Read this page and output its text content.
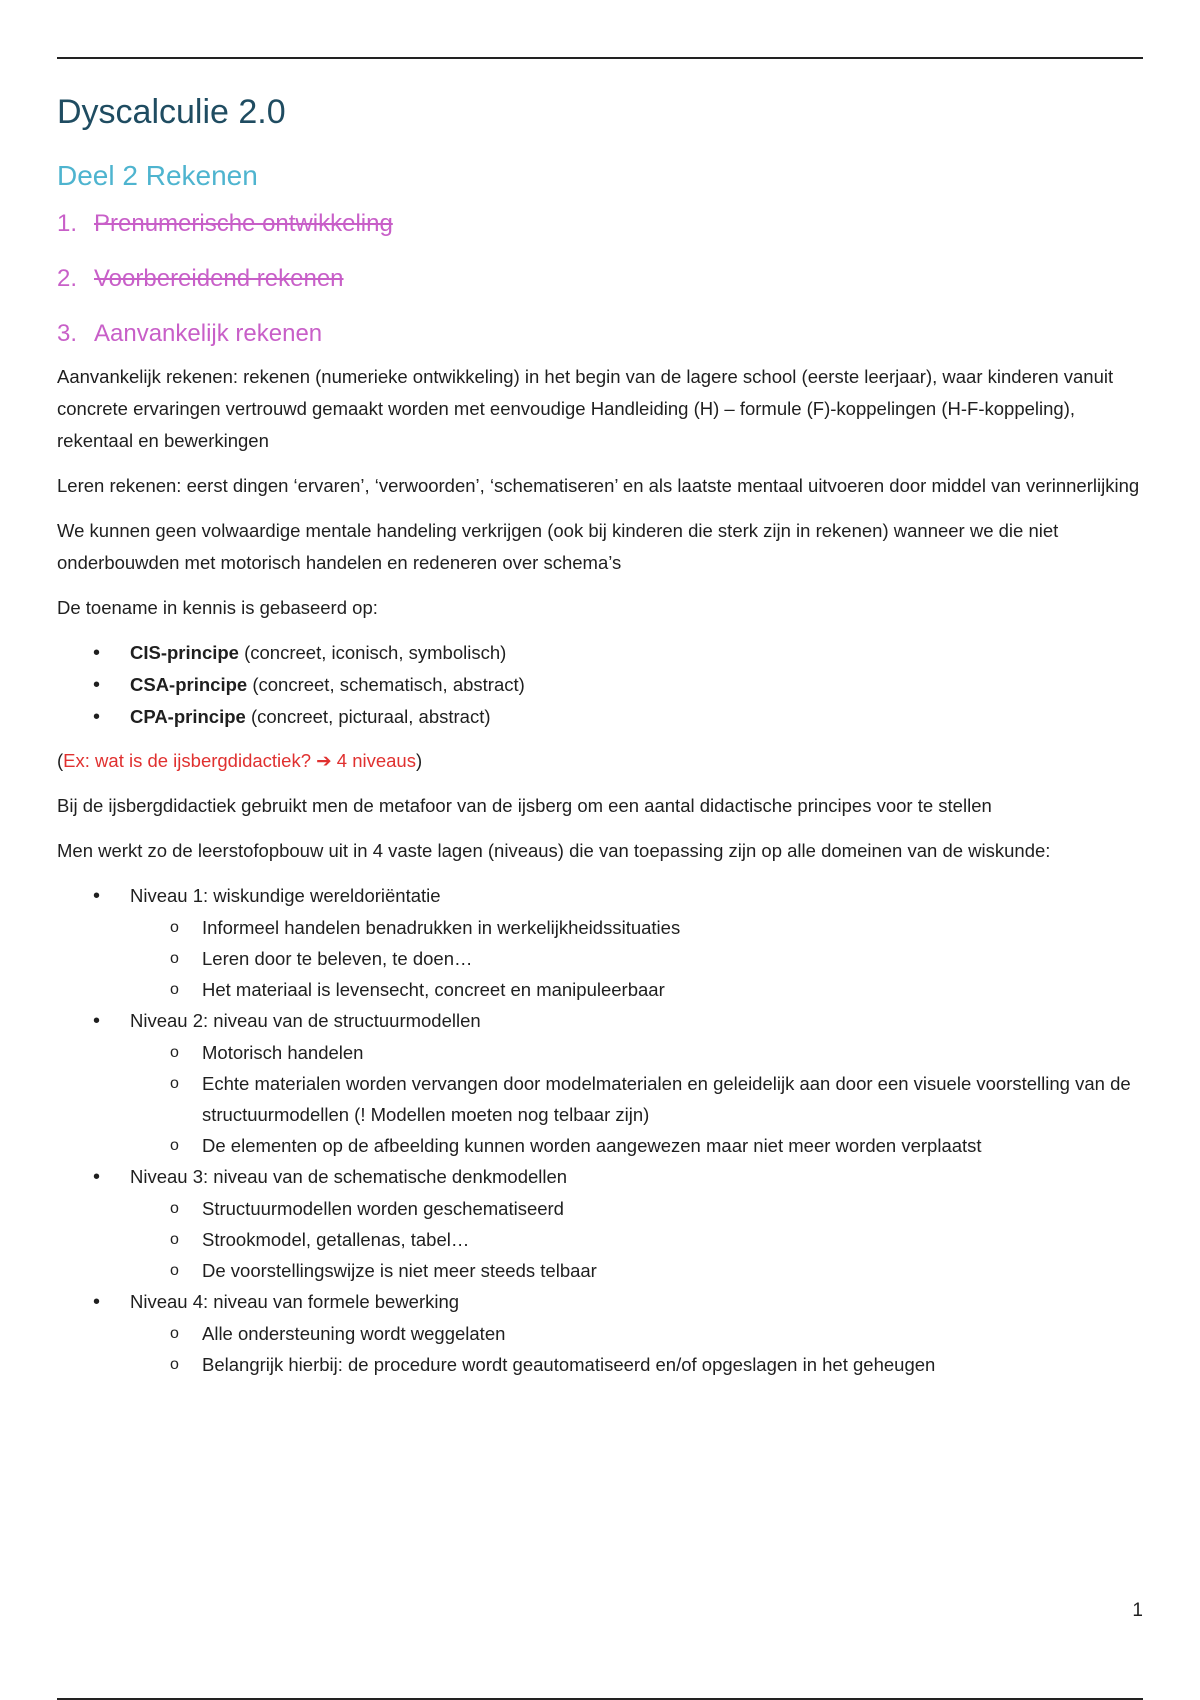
Dyscalculie 2.0
Deel 2 Rekenen
1. Prenumerische ontwikkeling
2. Voorbereidend rekenen
3. Aanvankelijk rekenen

Aanvankelijk rekenen: rekenen (numerieke ontwikkeling) in het begin van de lagere school (eerste leerjaar), waar kinderen vanuit concrete ervaringen vertrouwd gemaakt worden met eenvoudige Handleiding (H) – formule (F)-koppelingen (H-F-koppeling), rekentaal en bewerkingen

Leren rekenen: eerst dingen ‘ervaren’, ‘verwoorden’, ‘schematiseren’ en als laatste mentaal uitvoeren door middel van verinnerlijking

We kunnen geen volwaardige mentale handeling verkrijgen (ook bij kinderen die sterk zijn in rekenen) wanneer we die niet onderbouwden met motorisch handelen en redeneren over schema’s

De toename in kennis is gebaseerd op:

• CIS-principe (concreet, iconisch, symbolisch)
• CSA-principe (concreet, schematisch, abstract)
• CPA-principe (concreet, picturaal, abstract)

(Ex: wat is de ijsbergdidactiek? ➔ 4 niveaus)

Bij de ijsbergdidactiek gebruikt men de metafoor van de ijsberg om een aantal didactische principes voor te stellen

Men werkt zo de leerstofopbouw uit in 4 vaste lagen (niveaus) die van toepassing zijn op alle domeinen van de wiskunde:

• Niveau 1: wiskundige wereldoriëntatie
o Informeel handelen benadrukken in werkelijkheidssituaties
o Leren door te beleven, te doen…
o Het materiaal is levensecht, concreet en manipuleerbaar
• Niveau 2: niveau van de structuurmodellen
o Motorisch handelen
o Echte materialen worden vervangen door modelmaterialen en geleidelijk aan door een visuele voorstelling van de structuurmodellen (! Modellen moeten nog telbaar zijn)
o De elementen op de afbeelding kunnen worden aangewezen maar niet meer worden verplaatst
• Niveau 3: niveau van de schematische denkmodellen
o Structuurmodellen worden geschematiseerd
o Strookmodel, getallenas, tabel…
o De voorstellingswijze is niet meer steeds telbaar
• Niveau 4: niveau van formele bewerking
o Alle ondersteuning wordt weggelaten
o Belangrijk hierbij: de procedure wordt geautomatiseerd en/of opgeslagen in het geheugen
1
